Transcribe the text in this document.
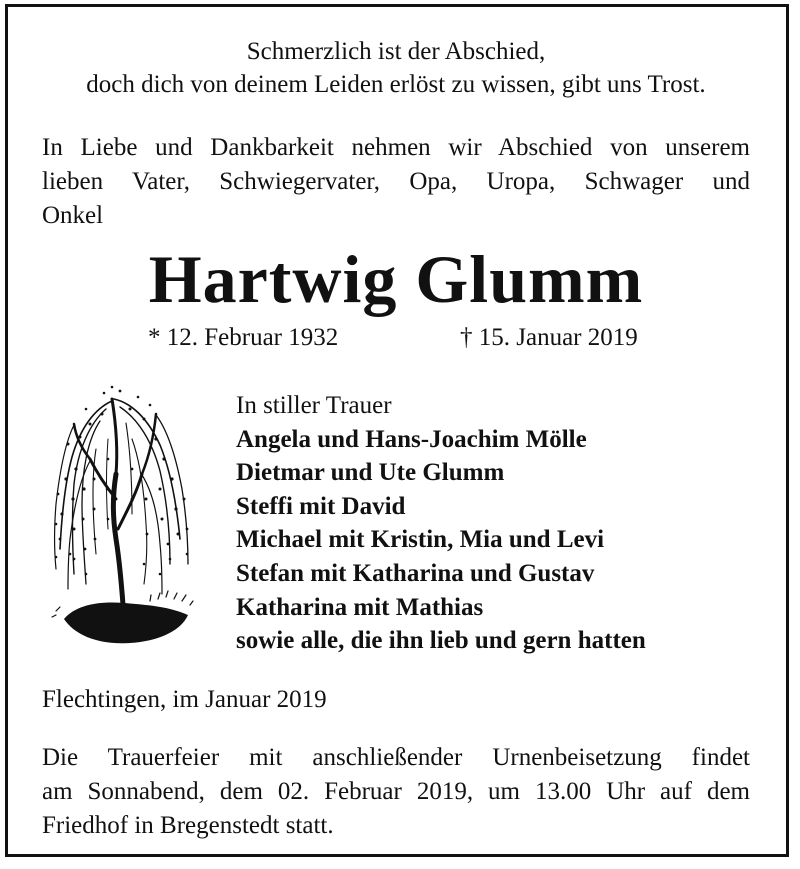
Schmerzlich ist der Abschied,
doch dich von deinem Leiden erlöst zu wissen, gibt uns Trost.
In Liebe und Dankbarkeit nehmen wir Abschied von unserem
lieben Vater, Schwiegervater, Opa, Uropa, Schwager und
Onkel
Hartwig Glumm
* 12. Februar 1932	† 15. Januar 2019
In stiller Trauer

Angela und Hans-Joachim Mölle
Dietmar und Ute Glumm
Steffi mit David
Michael mit Kristin, Mia und Levi
Stefan mit Katharina und Gustav
Katharina mit Mathias
sowie alle, die ihn lieb und gern hatten
Flechtingen, im Januar 2019
Die Trauerfeier mit anschließender Urnenbeisetzung findet
am Sonnabend, dem 02. Februar 2019, um 13.00 Uhr auf dem
Friedhof in Bregenstedt statt.
